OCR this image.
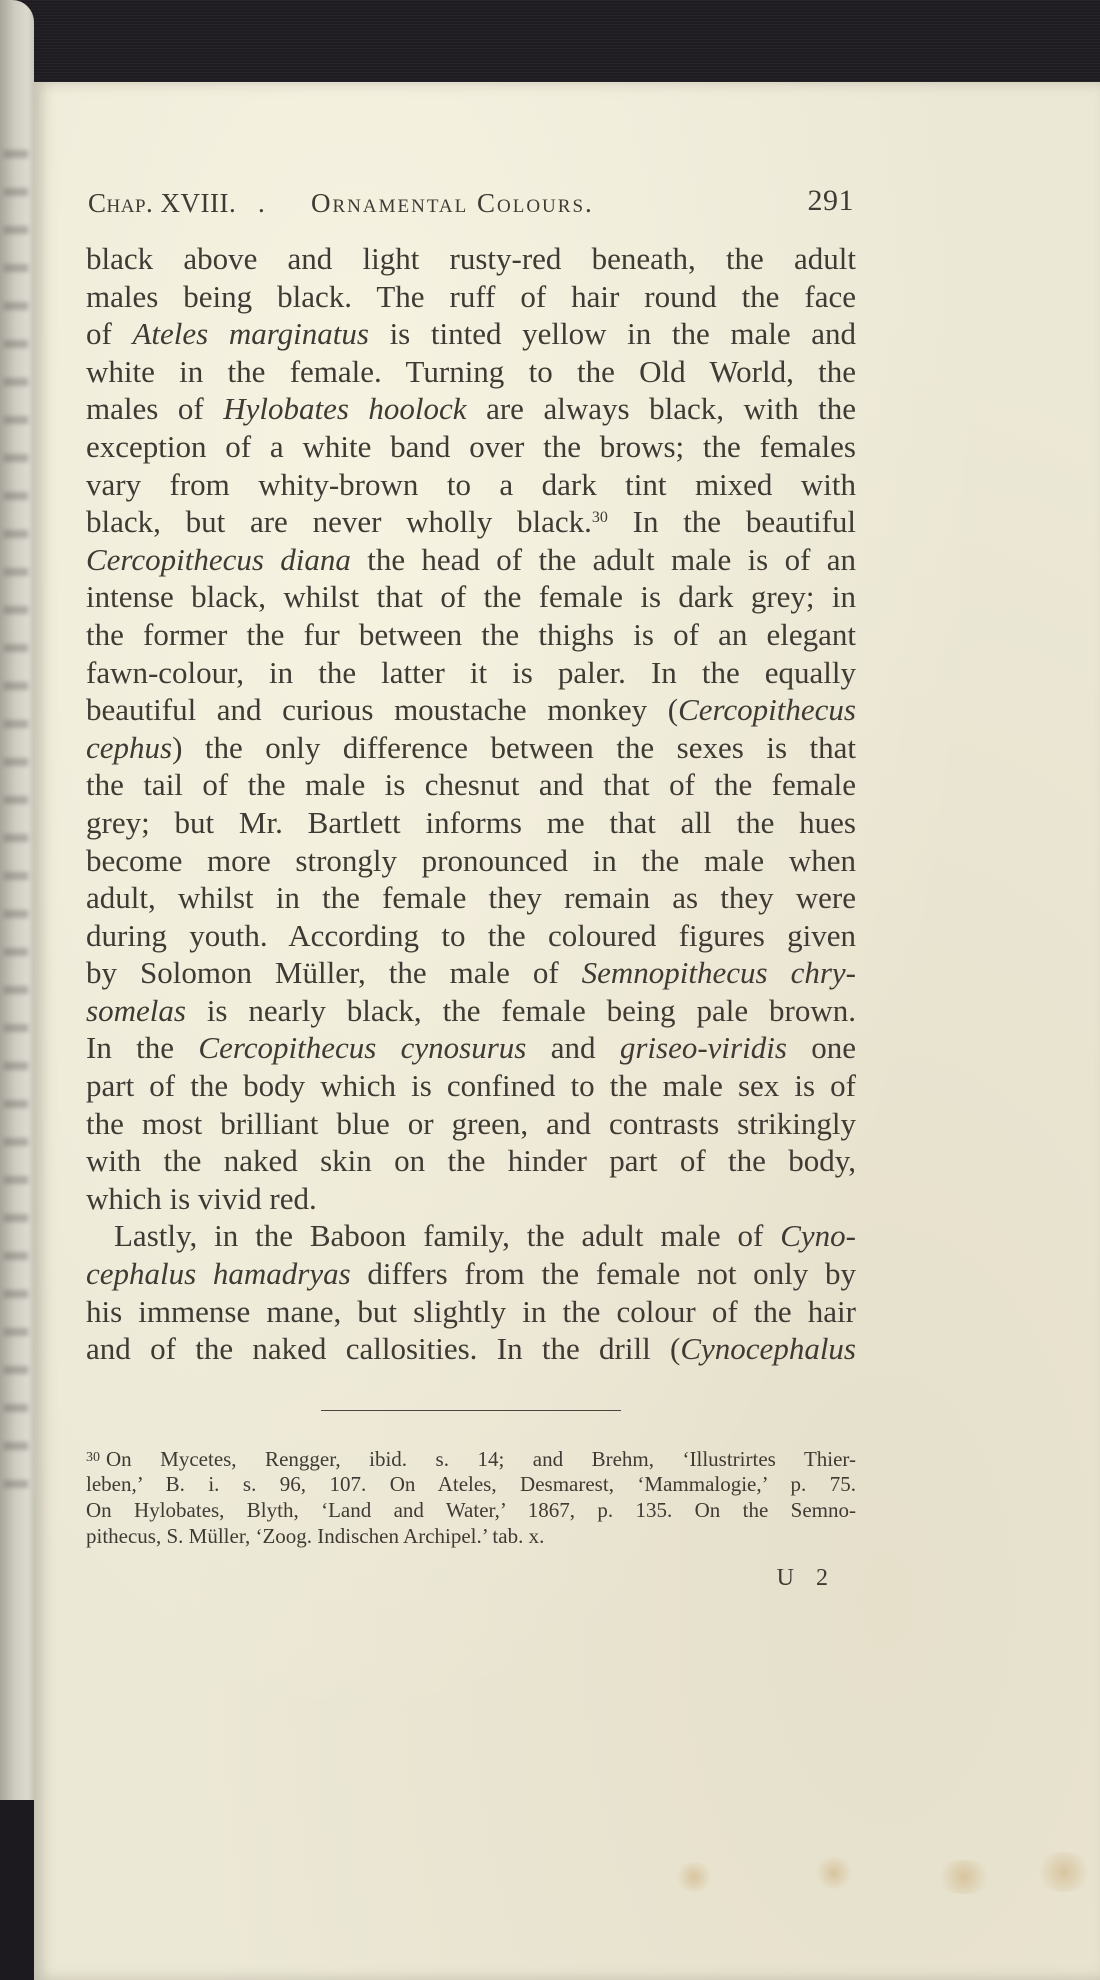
Chap. XVIII. . Ornamental Colours.	291
black above and light rusty-red beneath, the adult
males being black. The ruff of hair round the face
of Ateles marginatus is tinted yellow in the male and
white in the female. Turning to the Old World, the
males of Hylobates hoolock are always black, with the
exception of a white band over the brows; the females
vary from whity-brown to a dark tint mixed with
black, but are never wholly black.$^{30}$ In the beautiful
Cercopithecus diana the head of the adult male is of an
intense black, whilst that of the female is dark grey; in
the former the fur between the thighs is of an elegant
fawn-colour, in the latter it is paler. In the equally
beautiful and curious moustache monkey (Cercopithecus
cephus) the only difference between the sexes is that
the tail of the male is chesnut and that of the female
grey; but Mr. Bartlett informs me that all the hues
become more strongly pronounced in the male when
adult, whilst in the female they remain as they were
during youth. According to the coloured figures given
by Solomon Müller, the male of Semnopithecus chry-
somelas is nearly black, the female being pale brown.
In the Cercopithecus cynosurus and griseo-viridis one
part of the body which is confined to the male sex is of
the most brilliant blue or green, and contrasts strikingly
with the naked skin on the hinder part of the body,
which is vivid red.
Lastly, in the Baboon family, the adult male of Cyno-
cephalus hamadryas differs from the female not only by
his immense mane, but slightly in the colour of the hair
and of the naked callosities. In the drill (Cynocephalus
$^{30}$ On Mycetes, Rengger, ibid. s. 14; and Brehm, ‘Illustrirtes Thier-
leben,’ B. i. s. 96, 107. On Ateles, Desmarest, ‘Mammalogie,’ p. 75.
On Hylobates, Blyth, ‘Land and Water,’ 1867, p. 135. On the Semno-
pithecus, S. Müller, ‘Zoog. Indischen Archipel.’ tab. x.
U 2
